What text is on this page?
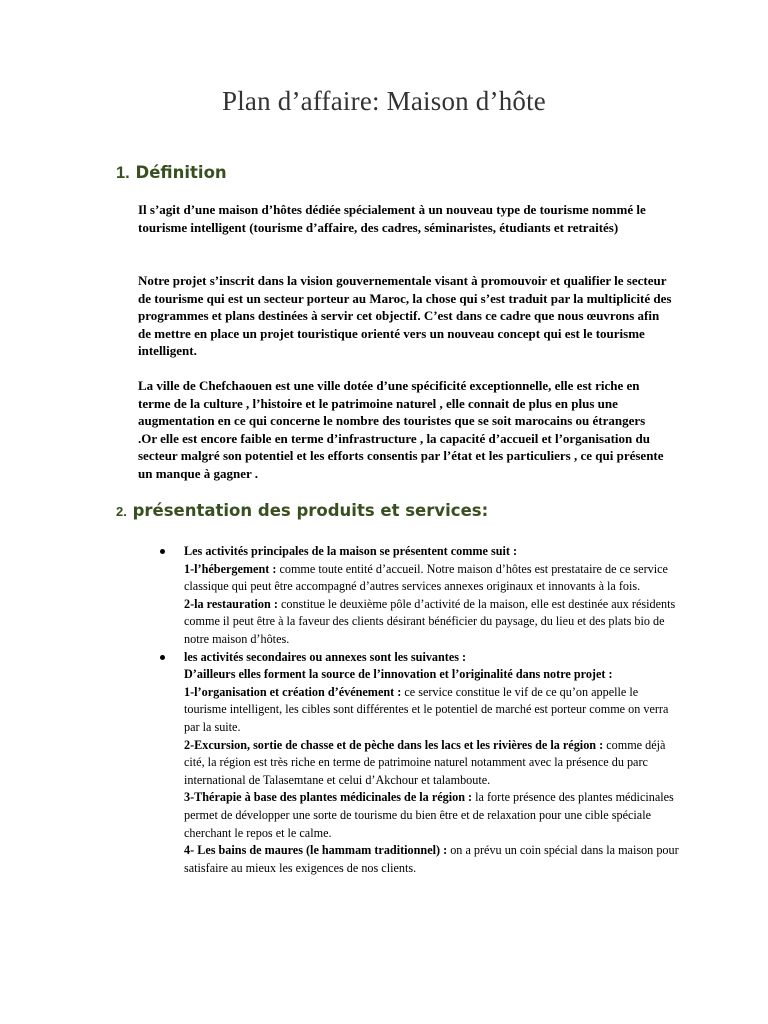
Plan d’affaire: Maison d’hôte
1. Définition
Il s’agit d’une maison d’hôtes dédiée spécialement à un nouveau type de tourisme nommé le tourisme intelligent (tourisme d’affaire, des cadres, séminaristes, étudiants et retraités)
Notre projet s’inscrit dans la vision gouvernementale visant à promouvoir et qualifier le secteur de tourisme qui est un secteur porteur au Maroc, la chose qui s’est traduit par la multiplicité des programmes et plans destinées à servir cet objectif. C’est dans ce cadre que nous œuvrons afin de mettre en place un projet touristique orienté vers un nouveau concept qui est le tourisme intelligent.
La ville de Chefchaouen est une ville dotée d’une spécificité exceptionnelle, elle est riche en terme de la culture , l’histoire et le patrimoine naturel , elle connait de plus en plus une augmentation en ce qui concerne le nombre des touristes que se soit marocains ou étrangers .Or elle est encore faible en terme d’infrastructure , la capacité d’accueil et l’organisation du secteur malgré son potentiel et les efforts consentis par l’état et les particuliers , ce qui présente un manque à gagner .
2. présentation des produits et services:
Les activités principales de la maison se présentent comme suit :
1-l’hébergement : comme toute entité d’accueil. Notre maison d’hôtes est prestataire de ce service classique qui peut être accompagné d’autres services annexes originaux et innovants à la fois.
2-la restauration : constitue le deuxième pôle d’activité de la maison, elle est destinée aux résidents comme il peut être à la faveur des clients désirant bénéficier du paysage, du lieu et des plats bio de notre maison d’hôtes.
les activités secondaires ou annexes sont les suivantes :
D’ailleurs elles forment la source de l’innovation et l’originalité dans notre projet :
1-l’organisation et création d’événement : ce service constitue le vif de ce qu’on appelle le tourisme intelligent, les cibles sont différentes et le potentiel de marché est porteur comme on verra par la suite.
2-Excursion, sortie de chasse et de pèche dans les lacs et les rivières de la région : comme déjà cité, la région est très riche en terme de patrimoine naturel notamment avec la présence du parc international de Talasemtane et celui d’Akchour et talamboute.
3-Thérapie à base des plantes médicinales de la région : la forte présence des plantes médicinales permet de développer une sorte de tourisme du bien être et de relaxation pour une cible spéciale cherchant le repos et le calme.
4- Les bains de maures (le hammam traditionnel) : on a prévu un coin spécial dans la maison pour satisfaire au mieux les exigences de nos clients.
